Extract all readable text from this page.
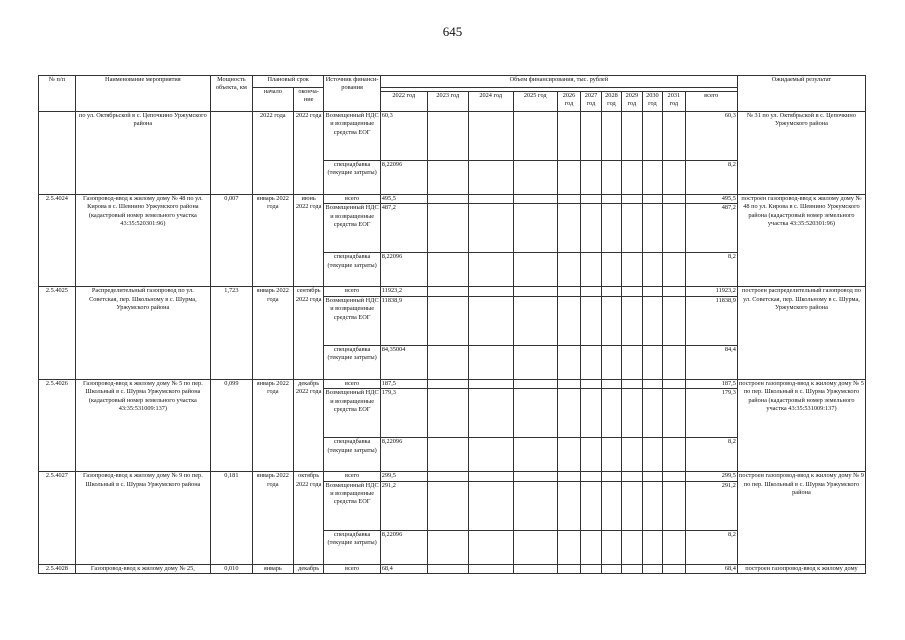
645
№ п/п	Наименование мероприятия	Мощность объекта, км	Плановый срок		Источник финанси-рования	Объем финансирования, тыс. рублей											Ожидаемый результат
			начало	оконча-ние													
						2022 год	2023 год	2024 год	2025 год	2026 год	2027 год	2028 год	2029 год	2030 год	2031 год	всего	
	по ул. Октябрьской в с. Цепочкино Уржумского района		2022 года	2022 года	Возмещенный НДС и возвращенные средства ЕОГ	60,3										60,3	№ 31 по ул. Октябрьской в с. Цепочкино Уржумского района
					спецнадбавка (текущие затраты)	8,22096										8,2	
2.5.4024	Газопровод-ввод к жилому дому № 48 по ул. Кирова в с. Шевнино Уржумского района (кадастровый номер земельного участка 43:35:520301:96)	0,007	январь 2022 года	июнь 2022 года	всего	495,5										495,5	построен газопровод-ввод к жилому дому № 48 по ул. Кирова в с. Шевнино Уржумского района (кадастровый номер земельного участка 43:35:520301:96)
					Возмещенный НДС и возвращенные средства ЕОГ	487,2										487,2	
					спецнадбавка (текущие затраты)	8,22096										8,2	
2.5.4025	Распределительный газопровод по ул. Советская, пер. Школьному в с. Шурма, Уржумского района	1,723	январь 2022 года	сентябрь 2022 года	всего	11923,2										11923,2	построен распределительный газопровод по ул. Советская, пер. Школьному в с. Шурма, Уржумского района
					Возмещенный НДС и возвращенные средства ЕОГ	11838,9										11838,9	
					спецнадбавка (текущие затраты)	84,35004										84,4	
2.5.4026	Газопровод-ввод к жилому дому № 5 по пер. Школьный в с. Шурма Уржумского района (кадастровый номер земельного участка 43:35:531009:137)	0,099	январь 2022 года	декабрь 2022 года	всего	187,5										187,5	построен газопровод-ввод к жилому дому № 5 по пер. Школьный в с. Шурма Уржумского района (кадастровый номер земельного участка 43:35:531009:137)
					Возмещенный НДС и возвращенные средства ЕОГ	179,3										179,3	
					спецнадбавка (текущие затраты)	8,22096										8,2	
2.5.4027	Газопровод-ввод к жилому дому № 9 по пер. Школьный в с. Шурма Уржумского района	0,181	январь 2022 года	октябрь 2022 года	всего	299,5										299,5	построен газопровод-ввод к жилому дому № 9 по пер. Школьный в с. Шурма Уржумского района
					Возмещенный НДС и возвращенные средства ЕОГ	291,2										291,2	
					спецнадбавка (текущие затраты)	8,22096										8,2	
2.5.4028	Газопровод-ввод к жилому дому № 25,	0,010	январь	декабрь	всего	68,4										68,4	построен газопровод-ввод к жилому дому
